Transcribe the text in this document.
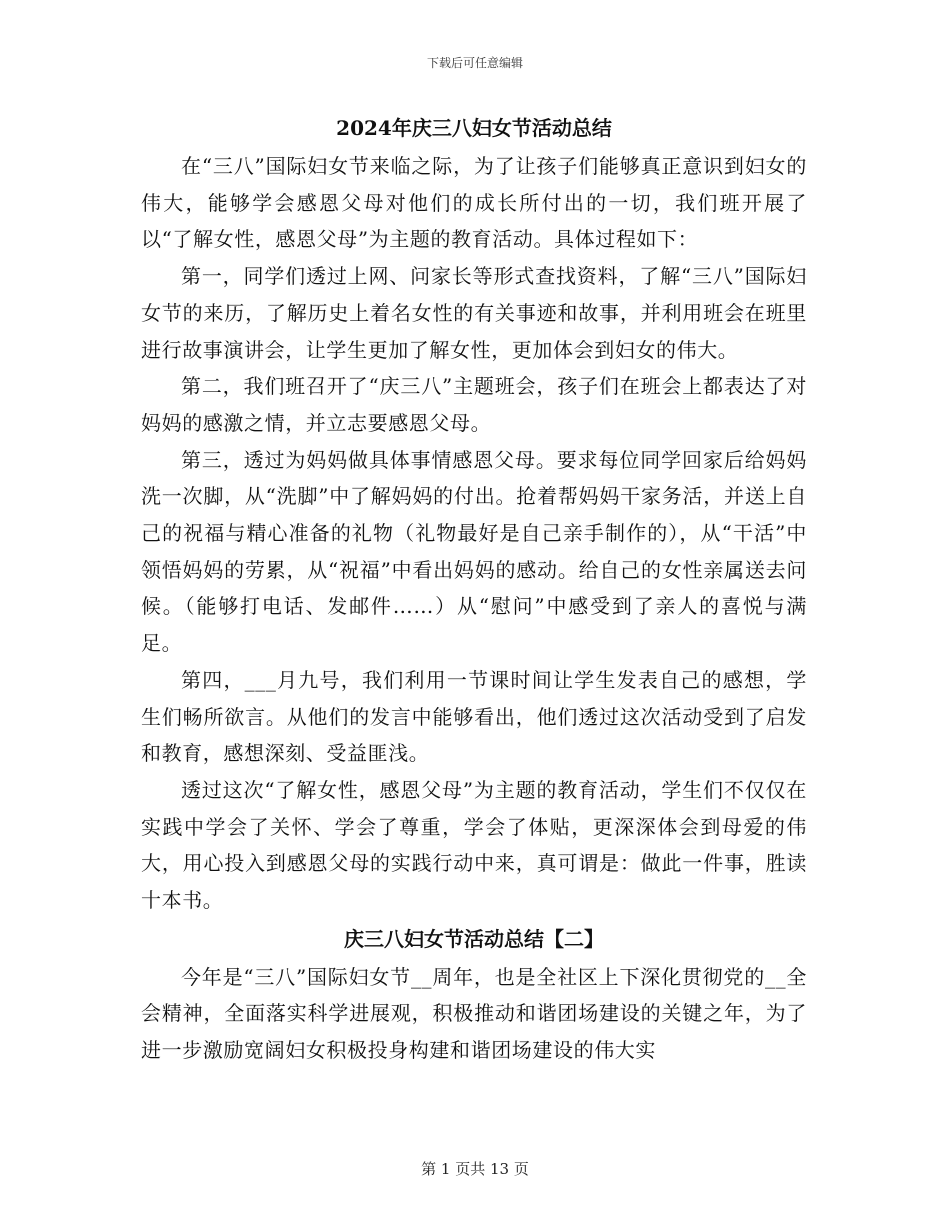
下载后可任意编辑
2024年庆三八妇女节活动总结

在“三八”国际妇女节来临之际，为了让孩子们能够真正意识到妇女的伟大，能够学会感恩父母对他们的成长所付出的一切，我们班开展了以“了解女性，感恩父母”为主题的教育活动。具体过程如下：

第一，同学们透过上网、问家长等形式查找资料，了解“三八”国际妇女节的来历，了解历史上着名女性的有关事迹和故事，并利用班会在班里进行故事演讲会，让学生更加了解女性，更加体会到妇女的伟大。

第二，我们班召开了“庆三八”主题班会，孩子们在班会上都表达了对妈妈的感激之情，并立志要感恩父母。

第三，透过为妈妈做具体事情感恩父母。要求每位同学回家后给妈妈洗一次脚，从“洗脚”中了解妈妈的付出。抢着帮妈妈干家务活，并送上自己的祝福与精心准备的礼物（礼物最好是自己亲手制作的），从“干活”中领悟妈妈的劳累，从“祝福”中看出妈妈的感动。给自己的女性亲属送去问候。（能够打电话、发邮件……）从“慰问”中感受到了亲人的喜悦与满足。

第四，___月九号，我们利用一节课时间让学生发表自己的感想，学生们畅所欲言。从他们的发言中能够看出，他们透过这次活动受到了启发和教育，感想深刻、受益匪浅。

透过这次“了解女性，感恩父母”为主题的教育活动，学生们不仅仅在实践中学会了关怀、学会了尊重，学会了体贴，更深深体会到母爱的伟大，用心投入到感恩父母的实践行动中来，真可谓是：做此一件事，胜读十本书。

庆三八妇女节活动总结【二】

今年是“三八”国际妇女节__周年，也是全社区上下深化贯彻党的__全会精神，全面落实科学进展观，积极推动和谐团场建设的关键之年，为了进一步激励宽阔妇女积极投身构建和谐团场建设的伟大实

第 1 页共 13 页
